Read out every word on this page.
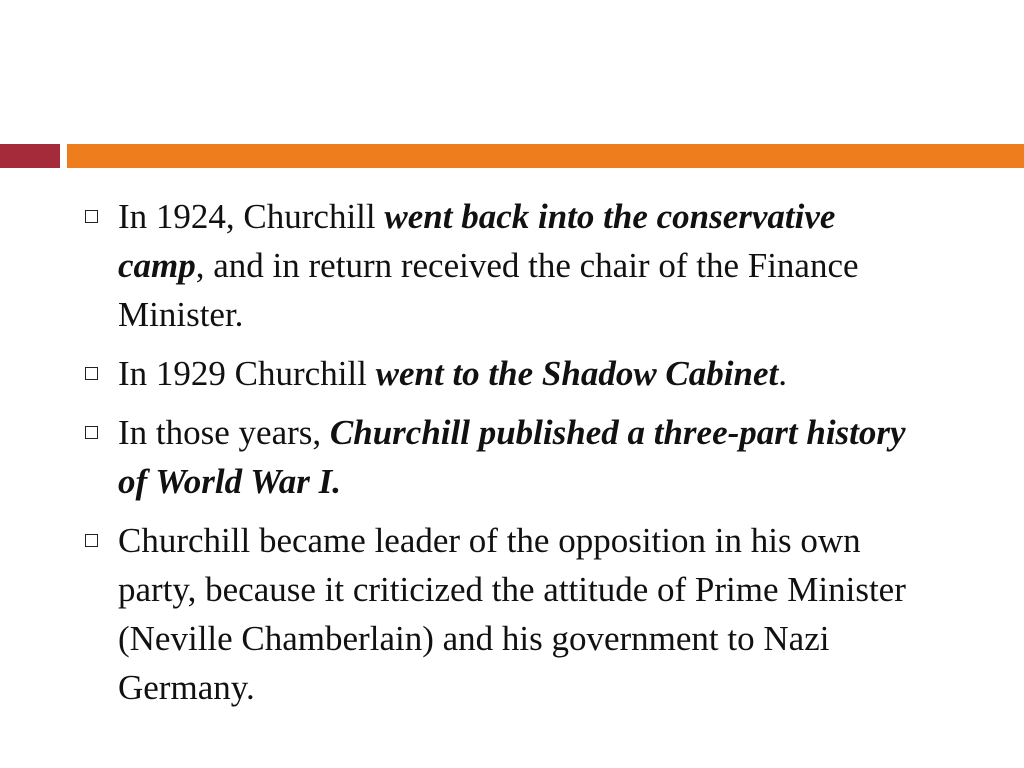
In 1924, Churchill went back into the conservative camp, and in return received the chair of the Finance Minister.
In 1929 Churchill went to the Shadow Cabinet.
In those years, Churchill published a three-part history of World War I.
Churchill became leader of the opposition in his own party, because it criticized the attitude of Prime Minister (Neville Chamberlain) and his government to Nazi Germany.
